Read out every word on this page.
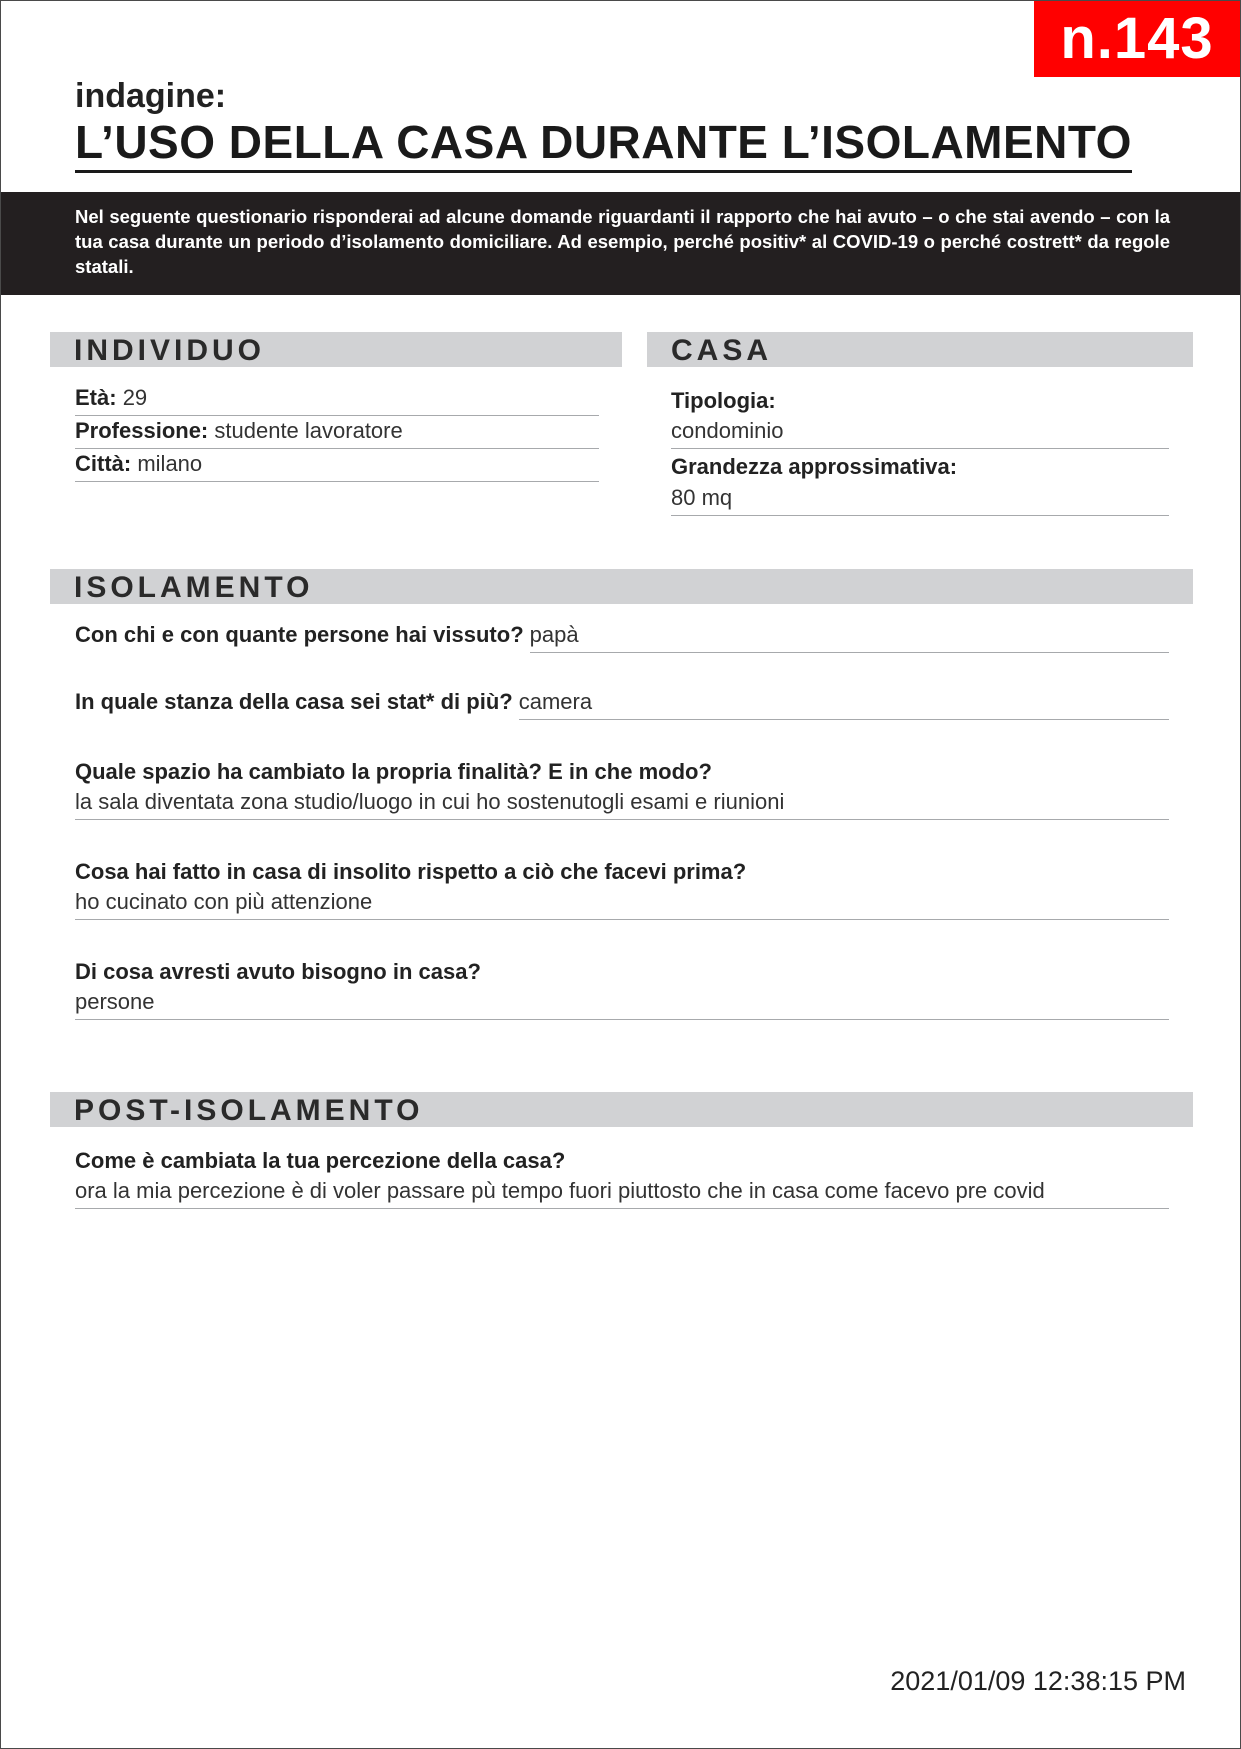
n.143
indagine:
L’USO DELLA CASA DURANTE L’ISOLAMENTO
Nel seguente questionario risponderai ad alcune domande riguardanti il rapporto che hai avuto – o che stai avendo – con la tua casa durante un periodo d’isolamento domiciliare. Ad esempio, perché positiv* al COVID-19 o perché costrett* da regole statali.
INDIVIDUO
Età: 29
Professione: studente lavoratore
Città: milano
CASA
Tipologia:
condominio
Grandezza approssimativa:
80 mq
ISOLAMENTO
Con chi e con quante persone hai vissuto? papà
In quale stanza della casa sei stat* di più? camera
Quale spazio ha cambiato la propria finalità? E in che modo?
la sala diventata zona studio/luogo in cui ho sostenutogli esami e riunioni
Cosa hai fatto in casa di insolito rispetto a ciò che facevi prima?
ho cucinato con più attenzione
Di cosa avresti avuto bisogno in casa?
persone
POST-ISOLAMENTO
Come è cambiata la tua percezione della casa?
ora la mia percezione è di voler passare pù tempo fuori piuttosto che in casa come facevo pre covid
2021/01/09 12:38:15 PM
